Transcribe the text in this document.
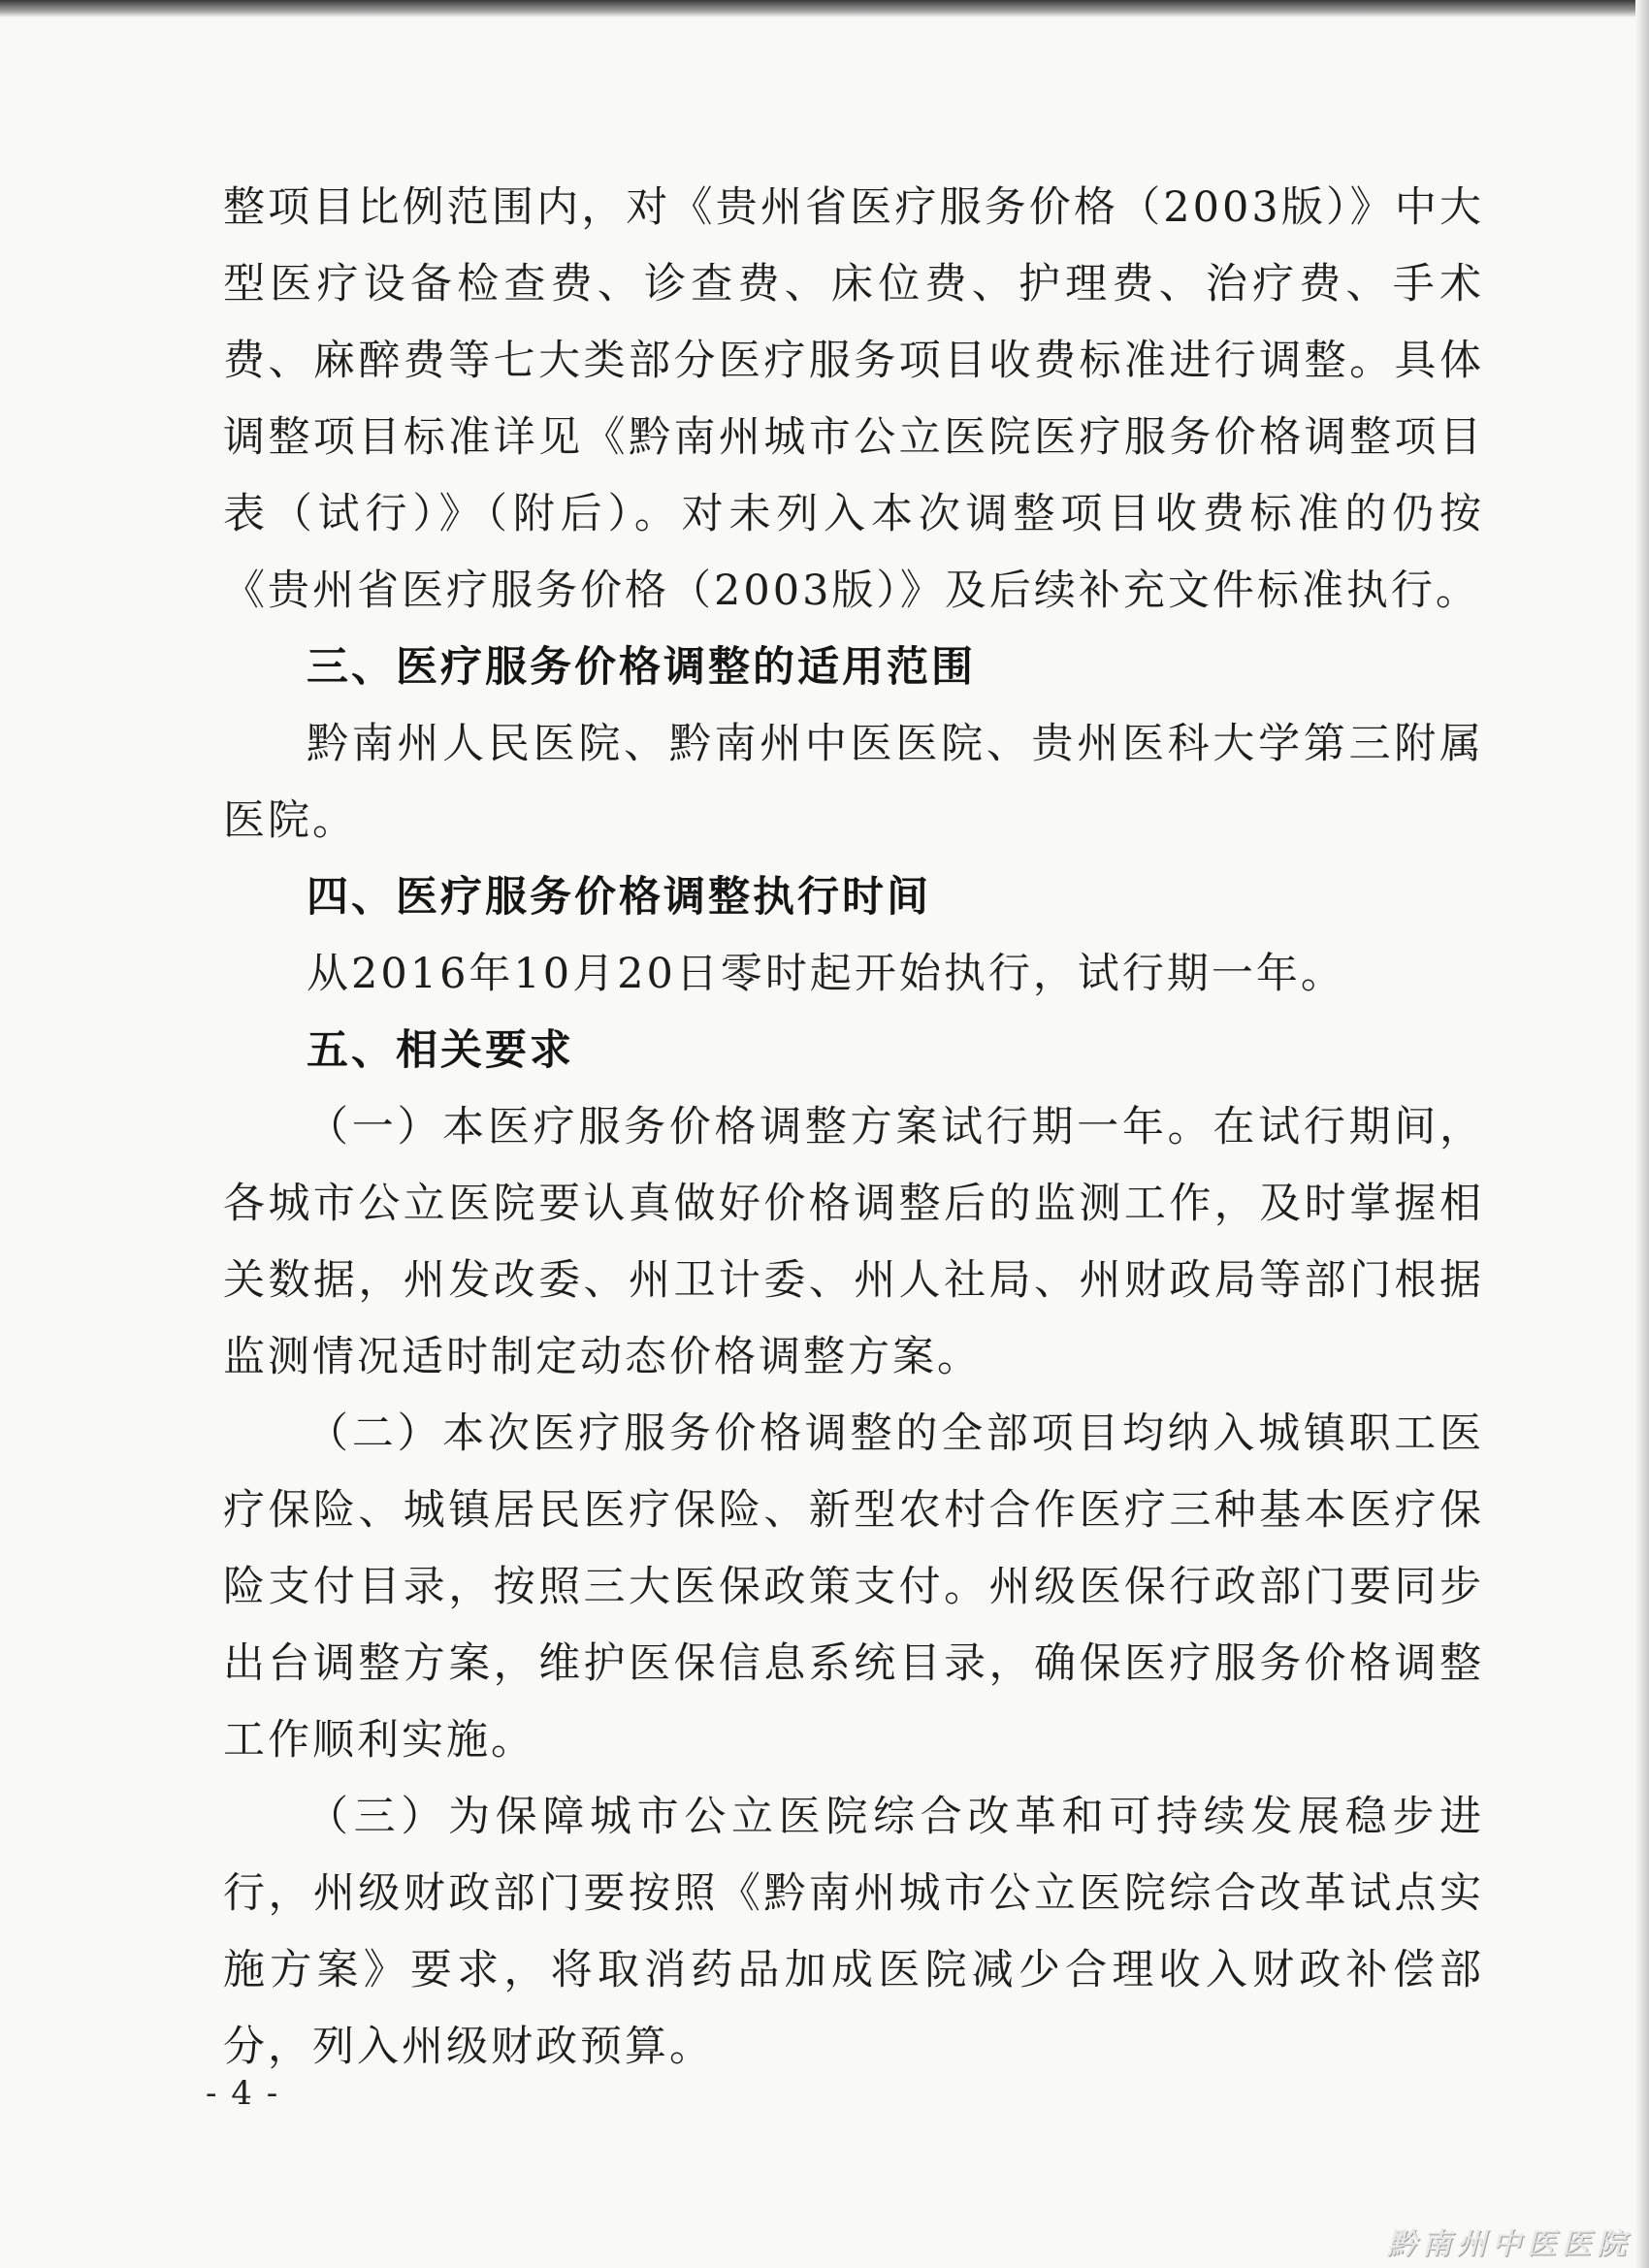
整项目比例范围内，对《贵州省医疗服务价格（2003版）》中大型医疗设备检查费、诊查费、床位费、护理费、治疗费、手术费、麻醉费等七大类部分医疗服务项目收费标准进行调整。具体调整项目标准详见《黔南州城市公立医院医疗服务价格调整项目表（试行）》（附后）。对未列入本次调整项目收费标准的仍按《贵州省医疗服务价格（2003版）》及后续补充文件标准执行。

三、医疗服务价格调整的适用范围

黔南州人民医院、黔南州中医医院、贵州医科大学第三附属医院。

四、医疗服务价格调整执行时间

从2016年10月20日零时起开始执行，试行期一年。

五、相关要求

（一）本医疗服务价格调整方案试行期一年。在试行期间，各城市公立医院要认真做好价格调整后的监测工作，及时掌握相关数据，州发改委、州卫计委、州人社局、州财政局等部门根据监测情况适时制定动态价格调整方案。

（二）本次医疗服务价格调整的全部项目均纳入城镇职工医疗保险、城镇居民医疗保险、新型农村合作医疗三种基本医疗保险支付目录，按照三大医保政策支付。州级医保行政部门要同步出台调整方案，维护医保信息系统目录，确保医疗服务价格调整工作顺利实施。

（三）为保障城市公立医院综合改革和可持续发展稳步进行，州级财政部门要按照《黔南州城市公立医院综合改革试点实施方案》要求，将取消药品加成医院减少合理收入财政补偿部分，列入州级财政预算。

- 4 -
黔南州中医医院
